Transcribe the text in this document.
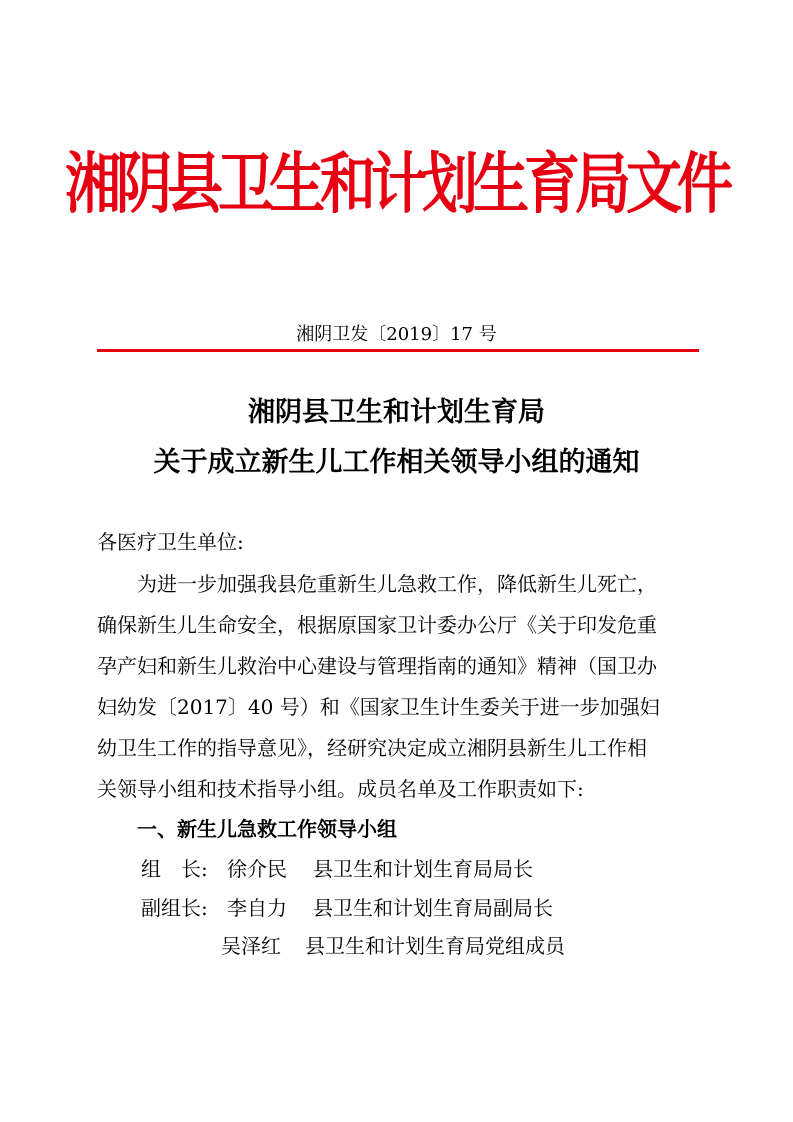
湘阴县卫生和计划生育局文件
湘阴卫发〔2019〕17 号
湘阴县卫生和计划生育局
关于成立新生儿工作相关领导小组的通知
各医疗卫生单位:
为进一步加强我县危重新生儿急救工作，降低新生儿死亡，
确保新生儿生命安全，根据原国家卫计委办公厅《关于印发危重
孕产妇和新生儿救治中心建设与管理指南的通知》精神（国卫办
妇幼发〔2017〕40 号）和《国家卫生计生委关于进一步加强妇
幼卫生工作的指导意见》，经研究决定成立湘阴县新生儿工作相
关领导小组和技术指导小组。成员名单及工作职责如下:
一、新生儿急救工作领导小组
组　长: 徐介民 县卫生和计划生育局局长
副组长: 李自力 县卫生和计划生育局副局长
吴泽红 县卫生和计划生育局党组成员
